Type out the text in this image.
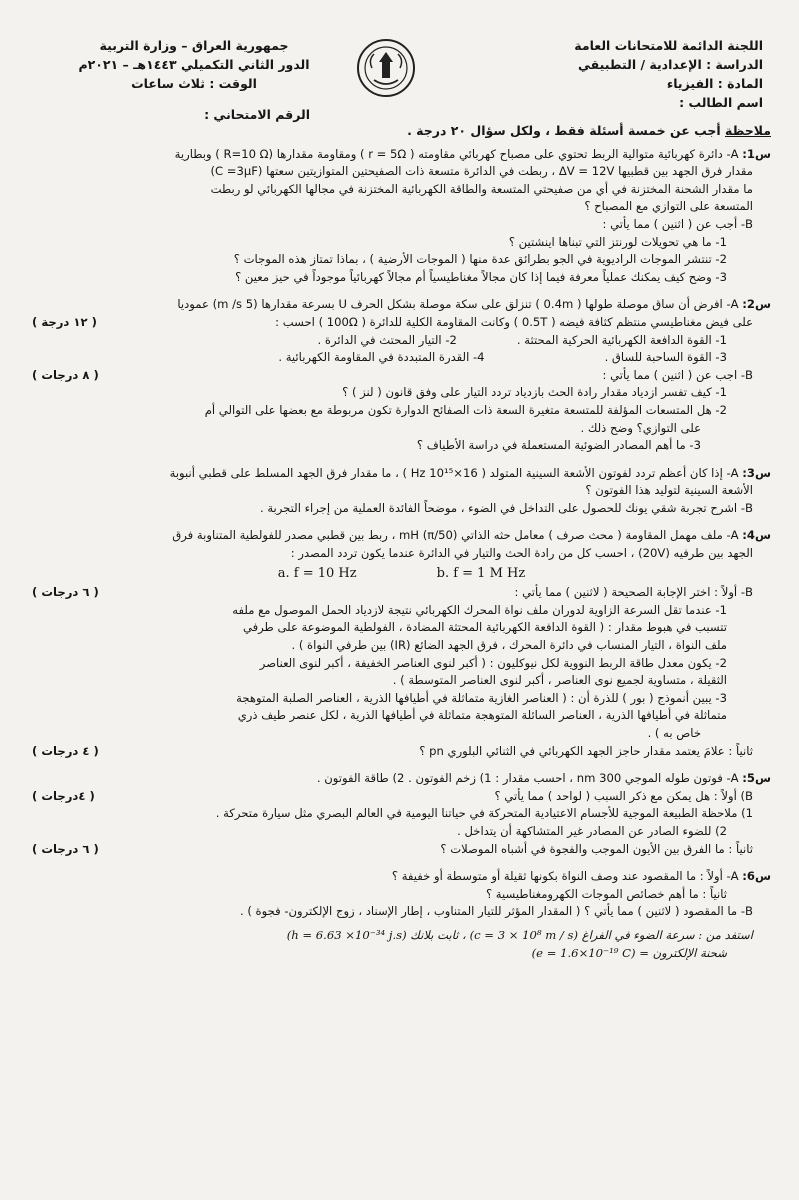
اللجنة الدائمة للامتحانات العامة
الدراسة : الإعدادية / التطبيقي
المادة : الفيزياء
اسم الطالب :
جمهورية العراق – وزارة التربية
الدور الثاني التكميلي ١٤٤٣هـ – ٢٠٢١م
الوقت : ثلاث ساعات
الرقم الامتحاني :
ملاحظة أجب عن خمسة أسئلة فقط ، ولكل سؤال ٢٠ درجة .
س1: A- دائرة كهربائية متوالية الربط تحتوي على مصباح كهربائي مقاومته ( r = 5Ω ) ومقاومة مقدارها (R=10 Ω ) وبطارية
مقدار فرق الجهد بين قطبيها ΔV = 12V ، ربطت في الدائرة متسعة ذات الصفيحتين المتوازيتين سعتها (C =3μF)
ما مقدار الشحنة المختزنة في أي من صفيحتي المتسعة والطاقة الكهربائية المختزنة في مجالها الكهربائي لو ربطت
المتسعة على التوازي مع المصباح ؟
B- أجب عن ( اثنين ) مما يأتي :
1- ما هي تحويلات لورنتز التي تبناها اينشتين ؟
2- تنتشر الموجات الراديوية في الجو بطرائق عدة منها ( الموجات الأرضية ) ، بماذا تمتاز هذه الموجات ؟
3- وضح كيف يمكنك عملياً معرفة فيما إذا كان مجالاً مغناطيسياً أم مجالاً كهربائياً موجوداً في حيز معين ؟
س2: A- افرض أن ساق موصلة طولها ( 0.4m ) تنزلق على سكة موصلة بشكل الحرف U بسرعة مقدارها (5 m /s) عموديا
على فيض مغناطيسي منتظم كثافة فيضه ( 0.5T ) وكانت المقاومة الكلية للدائرة ( 100Ω ) احسب :
( ١٢ درجة )
1- القوة الدافعة الكهربائية الحركية المحتثة .
2- التيار المحتث في الدائرة .
3- القوة الساحبة للساق .
4- القدرة المتبددة في المقاومة الكهربائية .
B- اجب عن ( اثنين ) مما يأتي :
( ٨ درجات )
1- كيف تفسر ازدياد مقدار رادة الحث بازدياد تردد التيار على وفق قانون ( لنز ) ؟
2- هل المتسعات المؤلفة للمتسعة متغيرة السعة ذات الصفائح الدوارة تكون مربوطة مع بعضها على التوالي أم
على التوازي؟ وضح ذلك .
3- ما أهم المصادر الضوئية المستعملة في دراسة الأطياف ؟
س3: A- إذا كان أعظم تردد لفوتون الأشعة السينية المتولد ( 16×10¹⁵ Hz ) ، ما مقدار فرق الجهد المسلط على قطبي أنبوبة
الأشعة السينية لتوليد هذا الفوتون ؟
B- اشرح تجربة شقي يونك للحصول على التداخل في الضوء ، موضحاً الفائدة العملية من إجراء التجربة .
س4: A- ملف مهمل المقاومة ( محث صرف ) معامل حثه الذاتي (50/π) mH ، ربط بين قطبي مصدر للفولطية المتناوبة فرق
الجهد بين طرفيه (20V) ، احسب كل من رادة الحث والتيار في الدائرة عندما يكون تردد المصدر :
a. f = 10 Hz	b. f = 1 M Hz
B- أولاً : اختر الإجابة الصحيحة ( لاثنين ) مما يأتي :
( ٦ درجات )
1- عندما تقل السرعة الزاوية لدوران ملف نواة المحرك الكهربائي نتيجة لازدياد الحمل الموصول مع ملفه
تتسبب في هبوط مقدار : ( القوة الدافعة الكهربائية المحتثة المضادة ، الفولطية الموضوعة على طرفي
ملف النواة ، التيار المنساب في دائرة المحرك ، فرق الجهد الضائع (IR) بين طرفي النواة ) .
2- يكون معدل طاقة الربط النووية لكل نيوكليون : ( أكبر لنوى العناصر الخفيفة ، أكبر لنوى العناصر
الثقيلة ، متساوية لجميع نوى العناصر ، أكبر لنوى العناصر المتوسطة ) .
3- يبين أنموذج ( بور ) للذرة أن : ( العناصر الغازية متماثلة في أطيافها الذرية ، العناصر الصلبة المتوهجة
متماثلة في أطيافها الذرية ، العناصر السائلة المتوهجة متماثلة في أطيافها الذرية ، لكل عنصر طيف ذري
خاص به ) .
ثانياً : علامَ يعتمد مقدار حاجز الجهد الكهربائي في الثنائي البلوري pn ؟
( ٤ درجات )
س5: A- فوتون طوله الموجي 300 nm ، احسب مقدار : 1) زخم الفوتون . 2) طاقة الفوتون .
B) أولاً : هل يمكن مع ذكر السبب ( لواحد ) مما يأتي ؟
( ٤درجات )
1) ملاحظة الطبيعة الموجية للأجسام الاعتيادية المتحركة في حياتنا اليومية في العالم البصري مثل سيارة متحركة .
2) للضوء الصادر عن المصادر غير المتشاكهة أن يتداخل .
ثانياً : ما الفرق بين الأيون الموجب والفجوة في أشباه الموصلات ؟
( ٦ درجات )
س6: A- أولاً : ما المقصود عند وصف النواة بكونها ثقيلة أو متوسطة أو خفيفة ؟
ثانياً : ما أهم خصائص الموجات الكهرومغناطيسية ؟
B- ما المقصود ( لاثنين ) مما يأتي ؟ ( المقدار المؤثر للتيار المتناوب ، إطار الإسناد ، زوج الإلكترون- فجوة ) .
استفد من : سرعة الضوء في الفراغ (c = 3 × 10⁸ m / s) ، ثابت بلانك (h = 6.63 ×10⁻³⁴ j.s)
شحنة الإلكترون = (e = 1.6×10⁻¹⁹ C)
